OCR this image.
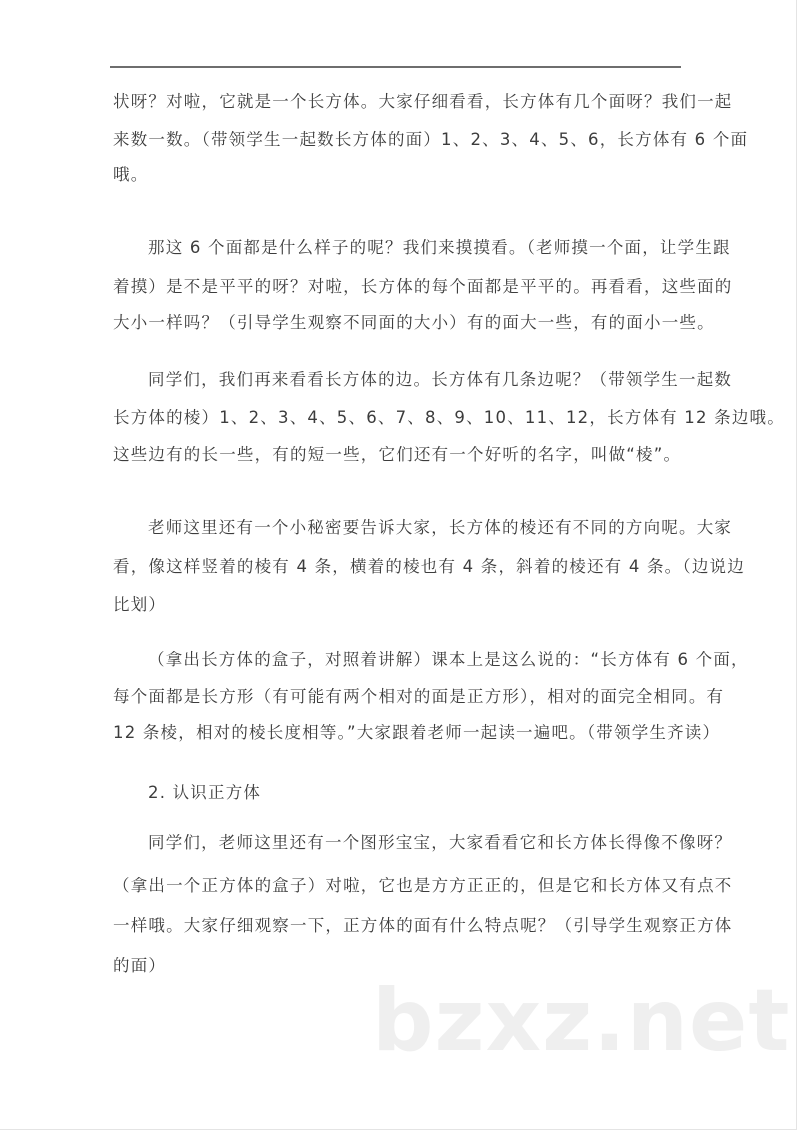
状呀？对啦，它就是一个长方体。大家仔细看看，长方体有几个面呀？我们一起
来数一数。（带领学生一起数长方体的面）1、2、3、4、5、6，长方体有 6 个面
哦。
那这 6 个面都是什么样子的呢？我们来摸摸看。（老师摸一个面，让学生跟
着摸）是不是平平的呀？对啦，长方体的每个面都是平平的。再看看，这些面的
大小一样吗？（引导学生观察不同面的大小）有的面大一些，有的面小一些。
同学们，我们再来看看长方体的边。长方体有几条边呢？（带领学生一起数
长方体的棱）1、2、3、4、5、6、7、8、9、10、11、12，长方体有 12 条边哦。
这些边有的长一些，有的短一些，它们还有一个好听的名字，叫做“棱”。
老师这里还有一个小秘密要告诉大家，长方体的棱还有不同的方向呢。大家
看，像这样竖着的棱有 4 条，横着的棱也有 4 条，斜着的棱还有 4 条。（边说边
比划）
（拿出长方体的盒子，对照着讲解）课本上是这么说的：“长方体有 6 个面，
每个面都是长方形（有可能有两个相对的面是正方形），相对的面完全相同。有
12 条棱，相对的棱长度相等。”大家跟着老师一起读一遍吧。（带领学生齐读）
2. 认识正方体
同学们，老师这里还有一个图形宝宝，大家看看它和长方体长得像不像呀？
（拿出一个正方体的盒子）对啦，它也是方方正正的，但是它和长方体又有点不
一样哦。大家仔细观察一下，正方体的面有什么特点呢？（引导学生观察正方体
的面）
bzxz.net
